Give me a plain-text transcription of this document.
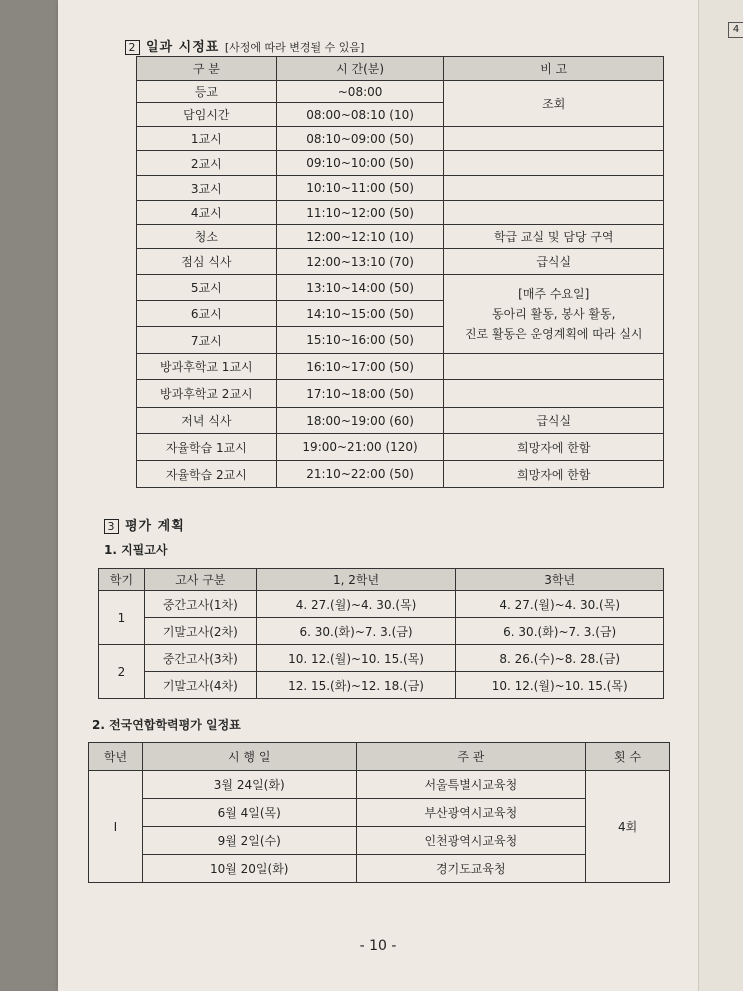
2 일과 시정표 [사정에 따라 변경될 수 있음]
구 분	시 간(분)	비 고
등교	~08:00	조회
담임시간	08:00~08:10 (10)	
1교시	08:10~09:00 (50)	
2교시	09:10~10:00 (50)	
3교시	10:10~11:00 (50)	
4교시	11:10~12:00 (50)	
청소	12:00~12:10 (10)	학급 교실 및 담당 구역
점심 식사	12:00~13:10 (70)	급식실
5교시	13:10~14:00 (50)	[매주 수요일]
동아리 활동, 봉사 활동,
진로 활동은 운영계획에 따라 실시

6교시	14:10~15:00 (50)	
7교시	15:10~16:00 (50)	
방과후학교 1교시	16:10~17:00 (50)	
방과후학교 2교시	17:10~18:00 (50)	
저녁 식사	18:00~19:00 (60)	급식실
자율학습 1교시	19:00~21:00 (120)	희망자에 한함
자율학습 2교시	21:10~22:00 (50)	희망자에 한함
3 평가 계획
1. 지필고사
학기	고사 구분	1, 2학년	3학년
1	중간고사(1차)	4. 27.(월)~4. 30.(목)	4. 27.(월)~4. 30.(목)
	기말고사(2차)	6. 30.(화)~7. 3.(금)	6. 30.(화)~7. 3.(금)
2	중간고사(3차)	10. 12.(월)~10. 15.(목)	8. 26.(수)~8. 28.(금)
	기말고사(4차)	12. 15.(화)~12. 18.(금)	10. 12.(월)~10. 15.(목)
2. 전국연합학력평가 일정표
학년	시 행 일	주 관	횟 수
I	3월 24일(화)	서울특별시교육청	4회
	6월 4일(목)	부산광역시교육청	
	9월 2일(수)	인천광역시교육청	
	10월 20일(화)	경기도교육청	
- 10 -
4
